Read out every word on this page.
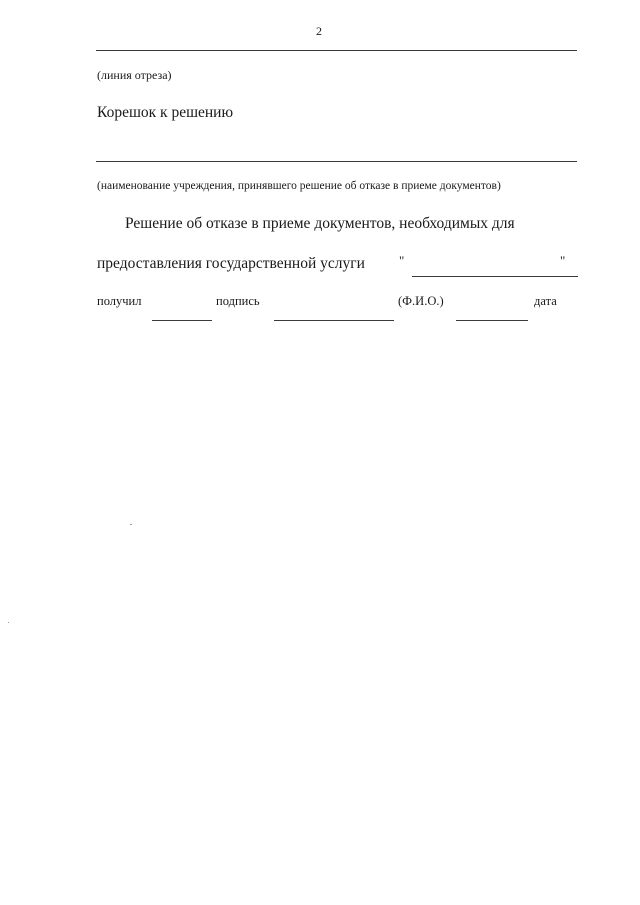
2
(линия отреза)
Корешок к решению
(наименование учреждения, принявшего решение об отказе в приеме документов)
Решение об отказе в приеме документов, необходимых для
предоставления государственной услуги	"	"
получил	подпись	(Ф.И.О.)	дата
